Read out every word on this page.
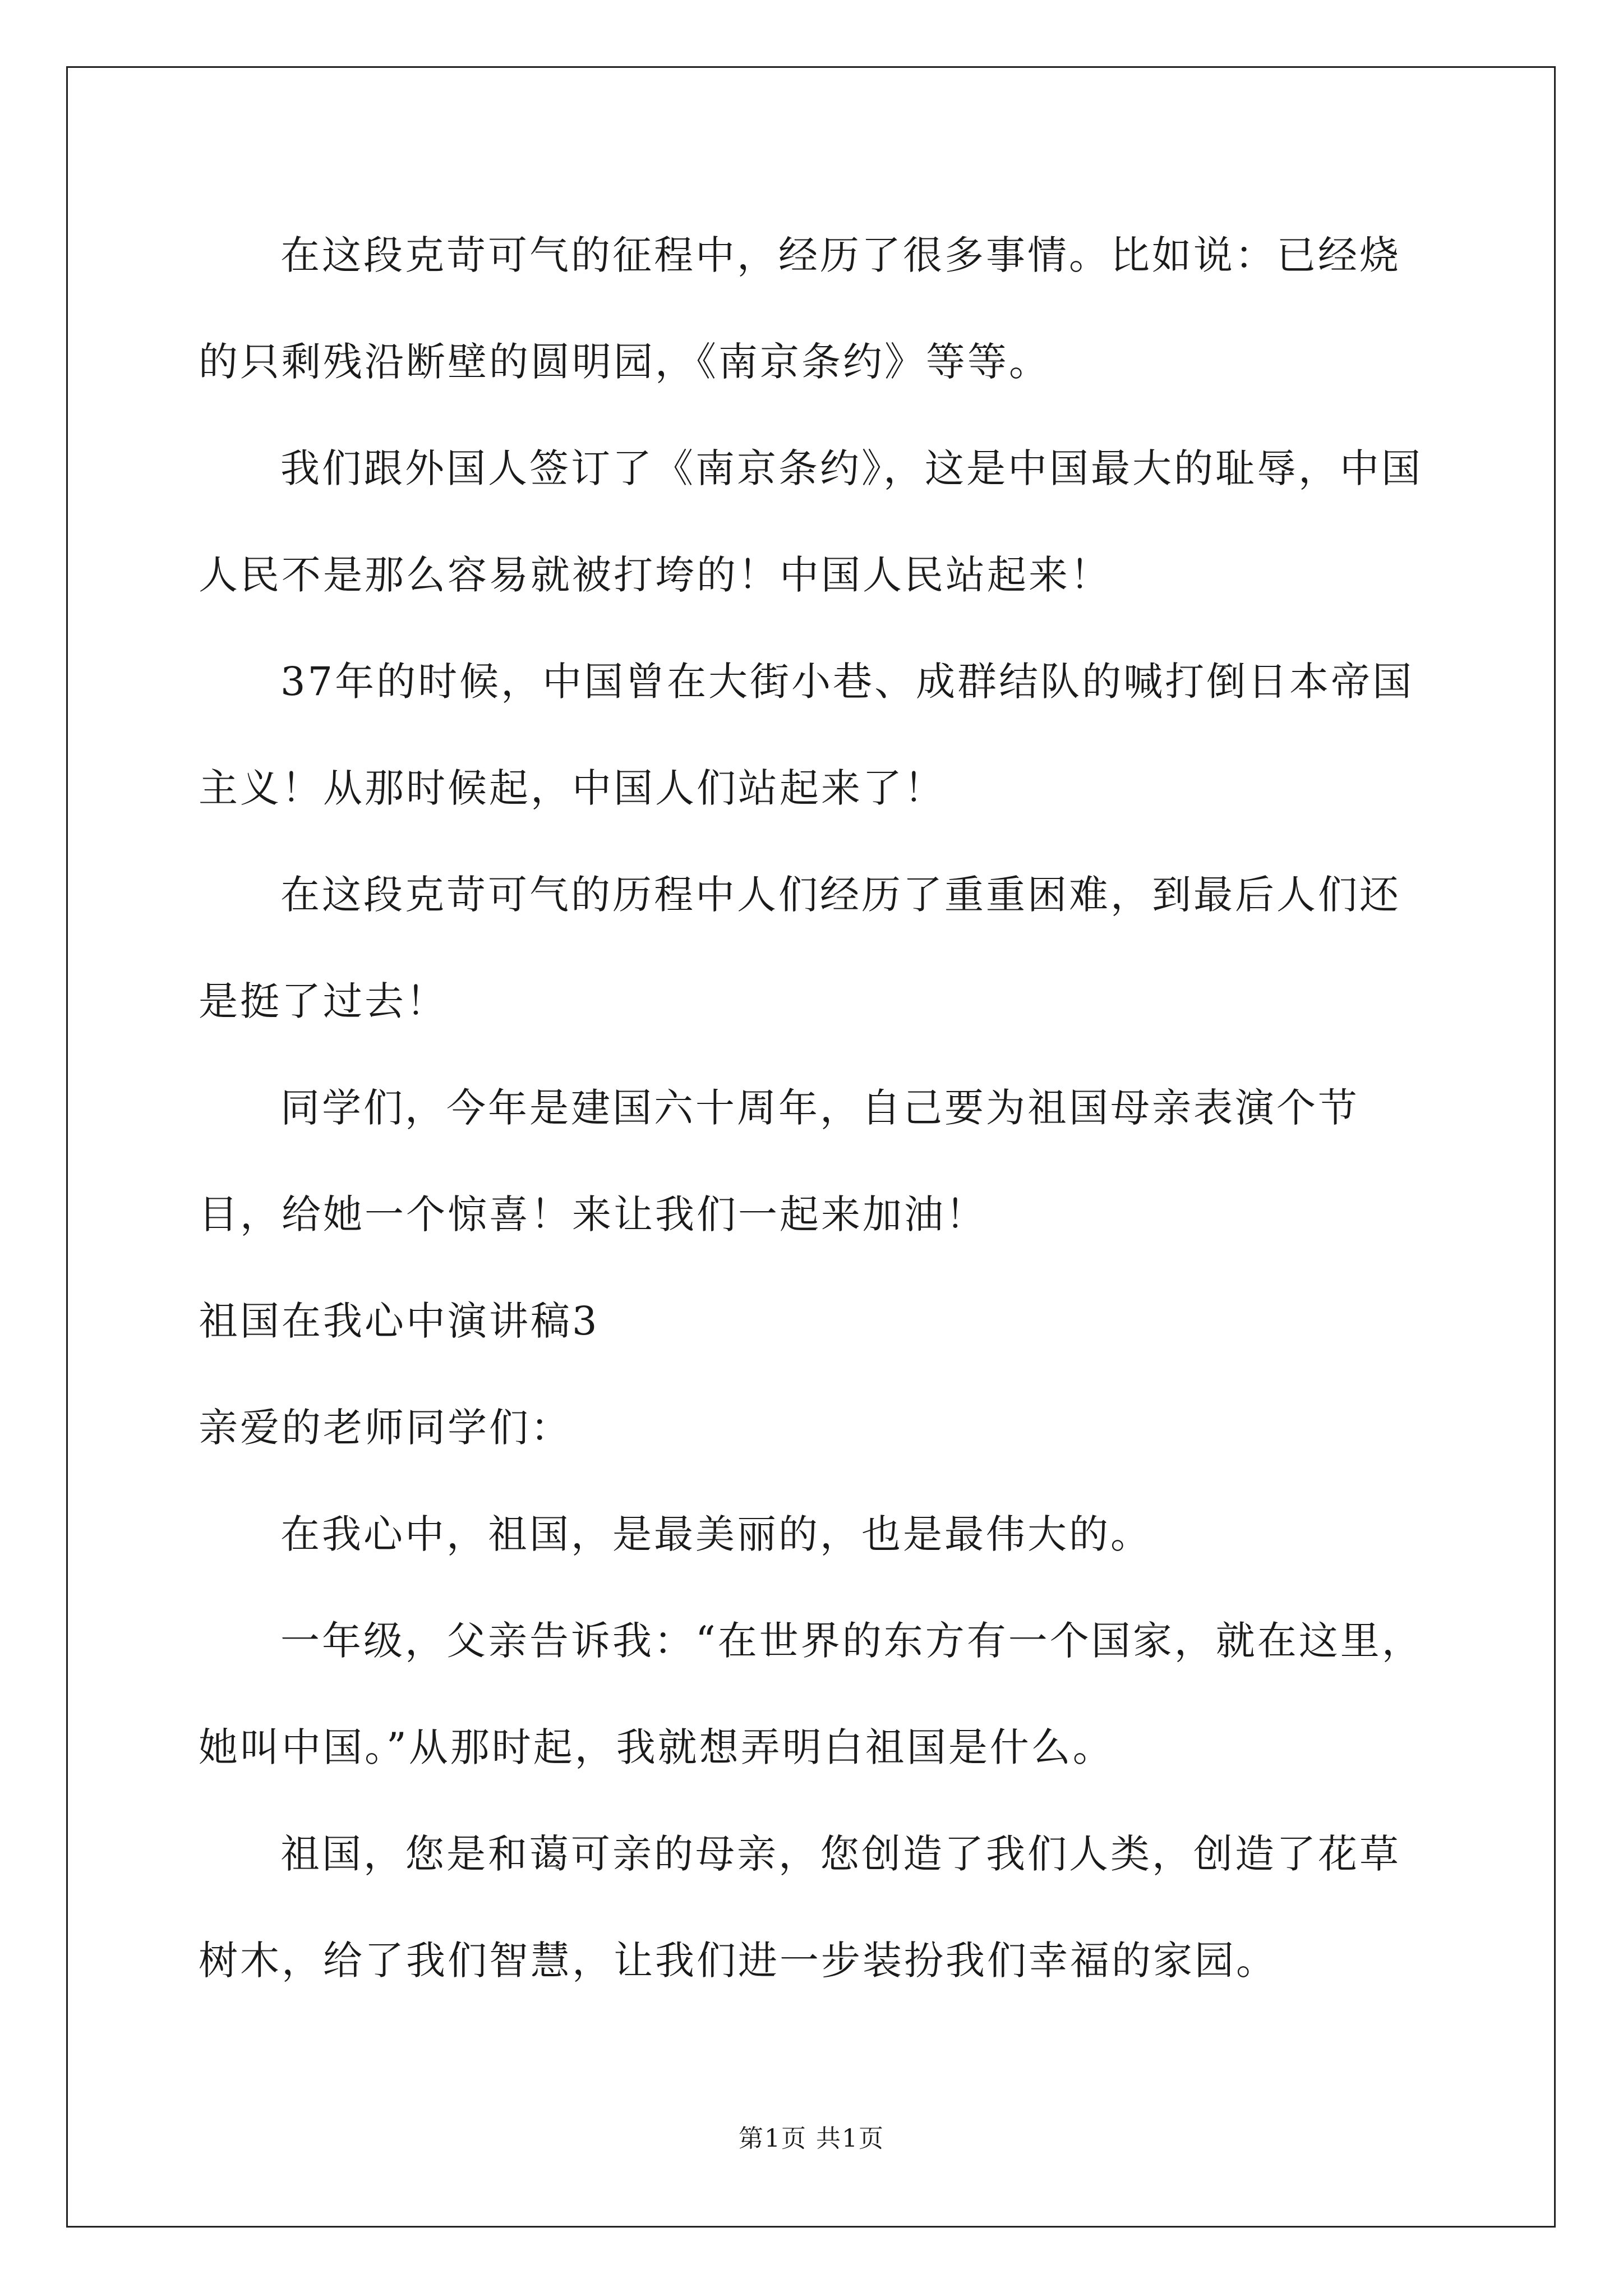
在这段克苛可气的征程中，经历了很多事情。比如说：已经烧的只剩残沿断壁的圆明园，《南京条约》等等。

我们跟外国人签订了《南京条约》，这是中国最大的耻辱，中国人民不是那么容易就被打垮的！中国人民站起来！

37年的时候，中国曾在大街小巷、成群结队的喊打倒日本帝国主义！从那时候起，中国人们站起来了！

在这段克苛可气的历程中人们经历了重重困难，到最后人们还是挺了过去！

同学们，今年是建国六十周年，自己要为祖国母亲表演个节目，给她一个惊喜！来让我们一起来加油！

祖国在我心中演讲稿3

亲爱的老师同学们：

在我心中，祖国，是最美丽的，也是最伟大的。

一年级，父亲告诉我：“在世界的东方有一个国家，就在这里，她叫中国。”从那时起，我就想弄明白祖国是什么。

祖国，您是和蔼可亲的母亲，您创造了我们人类，创造了花草树木，给了我们智慧，让我们进一步装扮我们幸福的家园。

第1页 共1页
